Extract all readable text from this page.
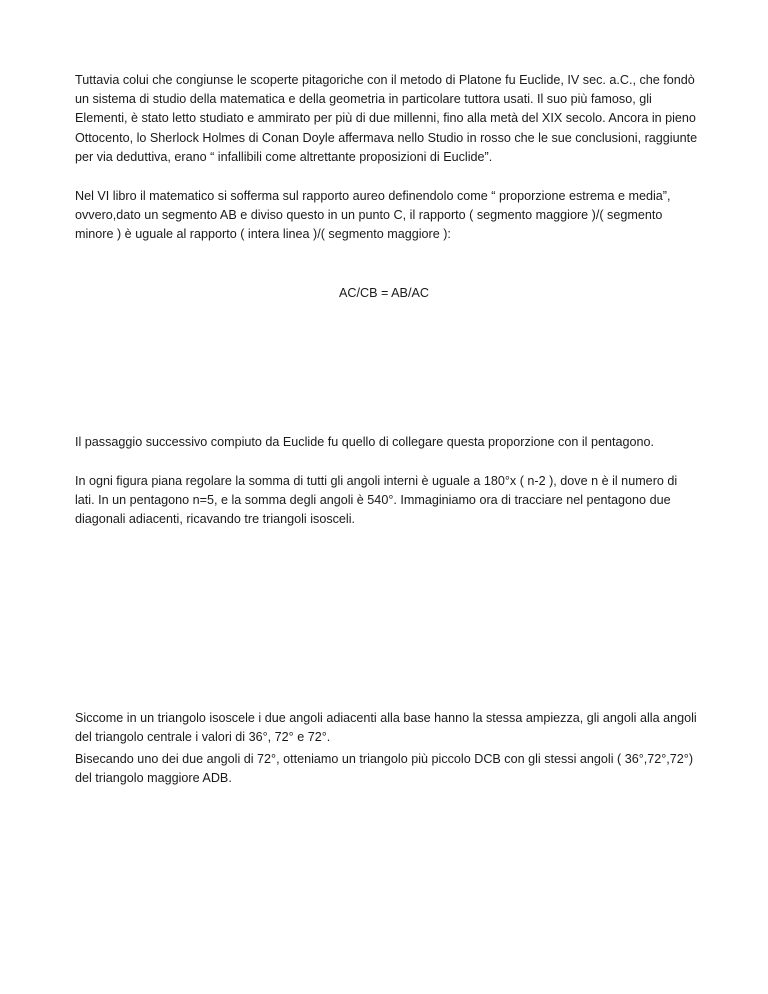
Tuttavia colui che congiunse le scoperte pitagoriche con il metodo di Platone fu Euclide, IV sec. a.C., che fondò un sistema di studio della matematica e della geometria in particolare tuttora usati. Il suo più famoso, gli Elementi, è stato letto studiato e ammirato per più di due millenni, fino alla metà del XIX secolo. Ancora in pieno Ottocento, lo Sherlock Holmes di Conan Doyle affermava nello Studio in rosso che le sue conclusioni, raggiunte per via deduttiva, erano “ infallibili come altrettante proposizioni di Euclide”.

Nel VI libro il matematico si sofferma sul rapporto aureo definendolo come “ proporzione estrema e media”, ovvero,dato un segmento AB e diviso questo in un punto C, il rapporto ( segmento maggiore )/( segmento minore ) è uguale al rapporto ( intera linea )/( segmento maggiore ):

AC/CB = AB/AC

Il passaggio successivo compiuto da Euclide fu quello di collegare questa proporzione con il pentagono.

In ogni figura piana regolare la somma di tutti gli angoli interni è uguale a 180°x ( n-2 ), dove n è il numero di lati. In un pentagono n=5, e la somma degli angoli è 540°. Immaginiamo ora di tracciare nel pentagono due diagonali adiacenti, ricavando tre triangoli isosceli.

Siccome in un triangolo isoscele i due angoli adiacenti alla base hanno la stessa ampiezza, gli angoli alla angoli del triangolo centrale i valori di 36°, 72° e 72°.

Bisecando uno dei due angoli di 72°, otteniamo un triangolo più piccolo DCB con gli stessi angoli ( 36°,72°,72°) del triangolo maggiore ADB.
